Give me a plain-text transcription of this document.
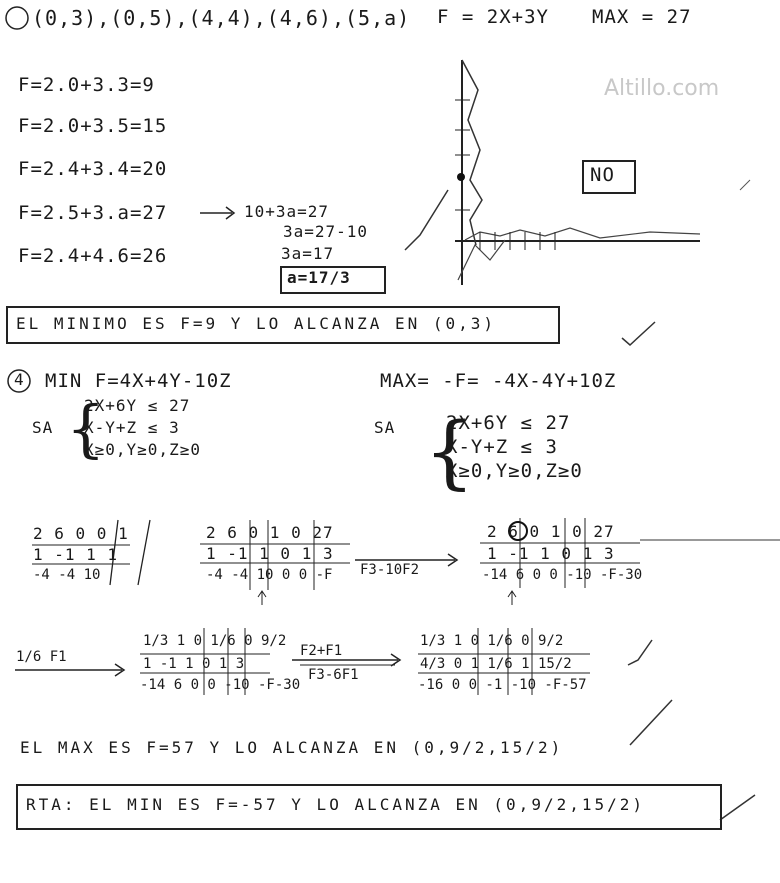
Altillo.com
(0,3),(0,5),(4,4),(4,6),(5,a) F = 2X+3Y MAX = 27
F=2.0+3.3=9
F=2.0+3.5=15
F=2.4+3.4=20
F=2.5+3.a=27
F=2.4+4.6=26
10+3a=27
3a=27-10
3a=17
a=17/3
NO
EL MINIMO ES F=9 Y LO ALCANZA EN (0,3)
4 MIN F=4X+4Y-10Z	MAX= -F= -4X-4Y+10Z
SA {
2X+6Y ≤ 27
X-Y+Z ≤ 3
X≥0,Y≥0,Z≥0
SA {
2X+6Y ≤ 27
X-Y+Z ≤ 3
X≥0,Y≥0,Z≥0
2 6 0 0 1
1 -1 1 1
-4 -4 10
2 6 0 1 0 27
1 -1 1 0 1 3
-4 -4 10 0 0 -F F3-10F2
2 6 0 1 0 27
1 -1 1 0 1 3
-14 6 0 0 -10 -F-30
1/6 F1
1/3 1 0 1/6 0 9/2
1 -1 1 0 1 3
-14 6 0 0 -10 -F-30
F2+F1
F3-6F1
1/3 1 0 1/6 0 9/2
4/3 0 1 1/6 1 15/2
-16 0 0 -1 -10 -F-57
EL MAX ES F=57 Y LO ALCANZA EN (0,9/2,15/2)
RTA: EL MIN ES F=-57 Y LO ALCANZA EN (0,9/2,15/2)
